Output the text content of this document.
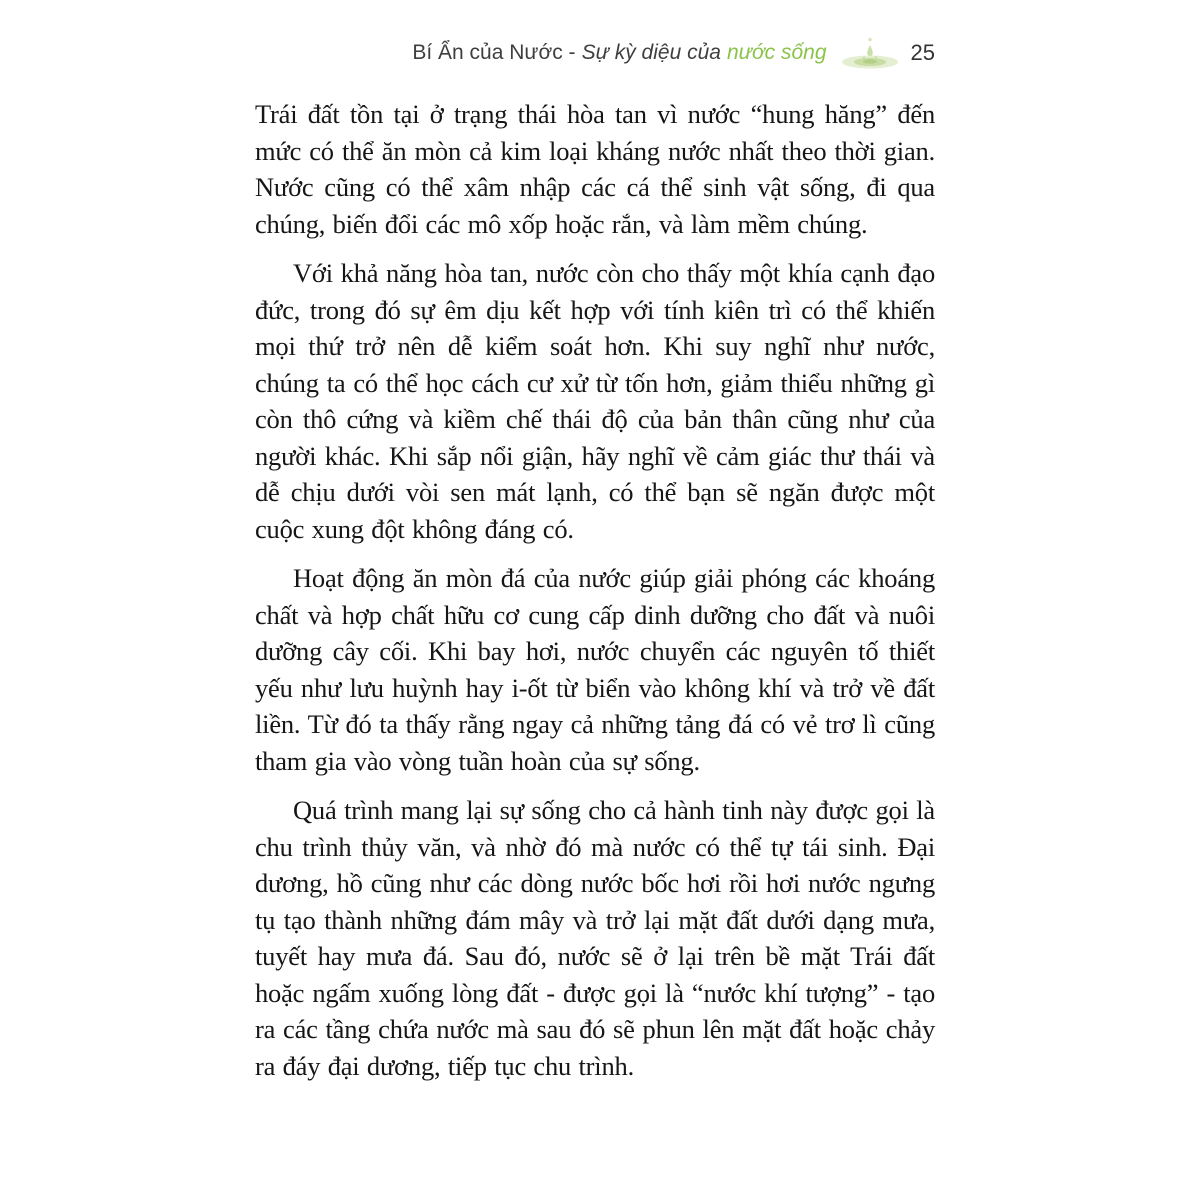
Bí Ẩn của Nước - Sự kỳ diệu của nước sống	25

Trái đất tồn tại ở trạng thái hòa tan vì nước “hung hăng” đến mức có thể ăn mòn cả kim loại kháng nước nhất theo thời gian. Nước cũng có thể xâm nhập các cá thể sinh vật sống, đi qua chúng, biến đổi các mô xốp hoặc rắn, và làm mềm chúng.

Với khả năng hòa tan, nước còn cho thấy một khía cạnh đạo đức, trong đó sự êm dịu kết hợp với tính kiên trì có thể khiến mọi thứ trở nên dễ kiểm soát hơn. Khi suy nghĩ như nước, chúng ta có thể học cách cư xử từ tốn hơn, giảm thiểu những gì còn thô cứng và kiềm chế thái độ của bản thân cũng như của người khác. Khi sắp nổi giận, hãy nghĩ về cảm giác thư thái và dễ chịu dưới vòi sen mát lạnh, có thể bạn sẽ ngăn được một cuộc xung đột không đáng có.

Hoạt động ăn mòn đá của nước giúp giải phóng các khoáng chất và hợp chất hữu cơ cung cấp dinh dưỡng cho đất và nuôi dưỡng cây cối. Khi bay hơi, nước chuyển các nguyên tố thiết yếu như lưu huỳnh hay i-ốt từ biển vào không khí và trở về đất liền. Từ đó ta thấy rằng ngay cả những tảng đá có vẻ trơ lì cũng tham gia vào vòng tuần hoàn của sự sống.

Quá trình mang lại sự sống cho cả hành tinh này được gọi là chu trình thủy văn, và nhờ đó mà nước có thể tự tái sinh. Đại dương, hồ cũng như các dòng nước bốc hơi rồi hơi nước ngưng tụ tạo thành những đám mây và trở lại mặt đất dưới dạng mưa, tuyết hay mưa đá. Sau đó, nước sẽ ở lại trên bề mặt Trái đất hoặc ngấm xuống lòng đất - được gọi là “nước khí tượng” - tạo ra các tầng chứa nước mà sau đó sẽ phun lên mặt đất hoặc chảy ra đáy đại dương, tiếp tục chu trình.
